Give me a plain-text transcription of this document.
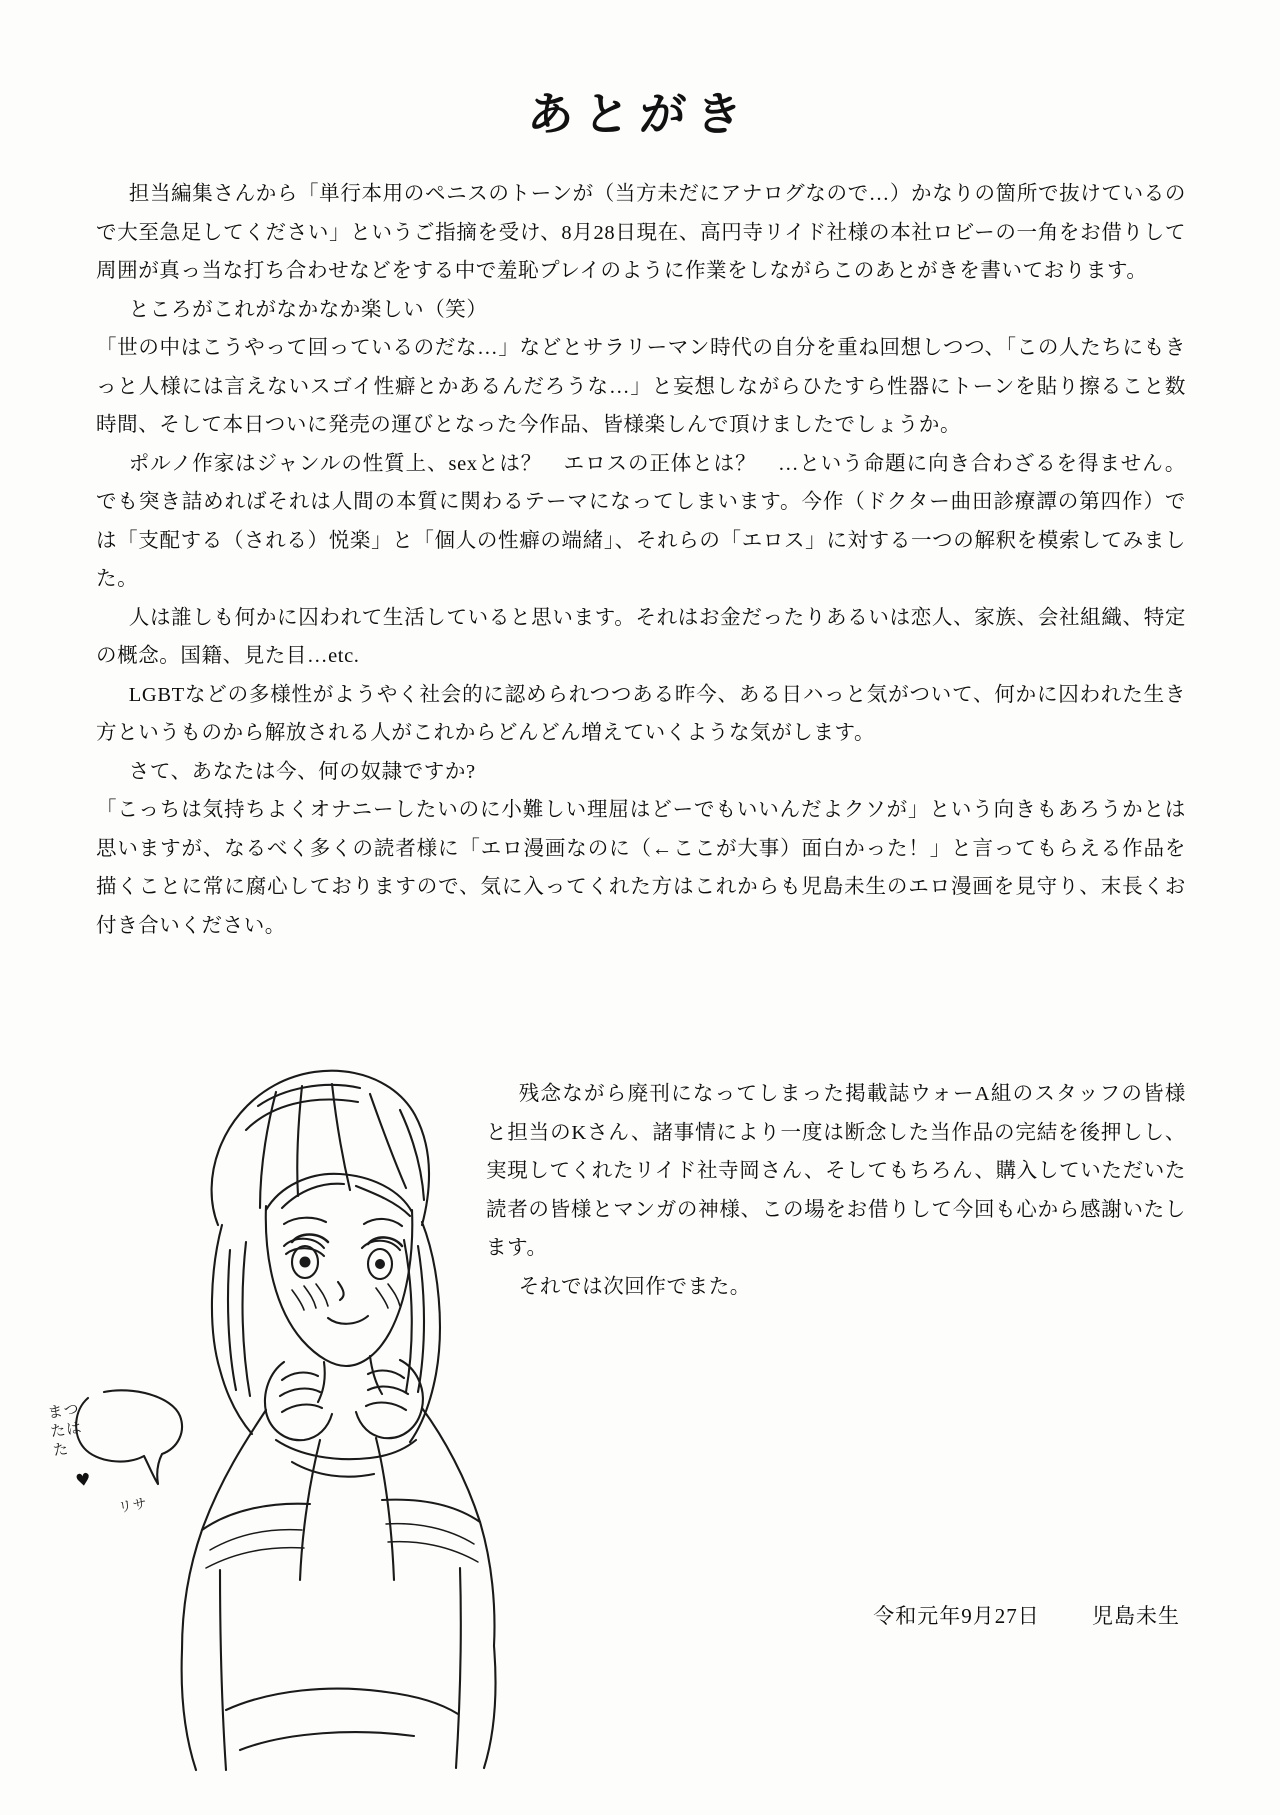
あとがき

担当編集さんから「単行本用のペニスのトーンが（当方未だにアナログなので…）かなりの箇所で抜けているので大至急足してください」というご指摘を受け、8月28日現在、高円寺リイド社様の本社ロビーの一角をお借りして周囲が真っ当な打ち合わせなどをする中で羞恥プレイのように作業をしながらこのあとがきを書いております。

ところがこれがなかなか楽しい（笑）

「世の中はこうやって回っているのだな…」などとサラリーマン時代の自分を重ね回想しつつ、「この人たちにもきっと人様には言えないスゴイ性癖とかあるんだろうな…」と妄想しながらひたすら性器にトーンを貼り擦ること数時間、そして本日ついに発売の運びとなった今作品、皆様楽しんで頂けましたでしょうか。

ポルノ作家はジャンルの性質上、sexとは？　エロスの正体とは？　…という命題に向き合わざるを得ません。でも突き詰めればそれは人間の本質に関わるテーマになってしまいます。今作（ドクター曲田診療譚の第四作）では「支配する（される）悦楽」と「個人の性癖の端緒」、それらの「エロス」に対する一つの解釈を模索してみました。

人は誰しも何かに囚われて生活していると思います。それはお金だったりあるいは恋人、家族、会社組織、特定の概念。国籍、見た目…etc.

LGBTなどの多様性がようやく社会的に認められつつある昨今、ある日ハっと気がついて、何かに囚われた生き方というものから解放される人がこれからどんどん増えていくような気がします。

さて、あなたは今、何の奴隷ですか?

「こっちは気持ちよくオナニーしたいのに小難しい理屈はどーでもいいんだよクソが」という向きもあろうかとは思いますが、なるべく多くの読者様に「エロ漫画なのに（←ここが大事）面白かった！」と言ってもらえる作品を描くことに常に腐心しておりますので、気に入ってくれた方はこれからも児島未生のエロ漫画を見守り、末長くお付き合いください。

残念ながら廃刊になってしまった掲載誌ウォーA組のスタッフの皆様と担当のKさん、諸事情により一度は断念した当作品の完結を後押しし、実現してくれたリイド社寺岡さん、そしてもちろん、購入していただいた読者の皆様とマンガの神様、この場をお借りして今回も心から感謝いたします。

それでは次回作でまた。

令和元年9月27日 児島未生
まつ
たは
た
♥
リサ
